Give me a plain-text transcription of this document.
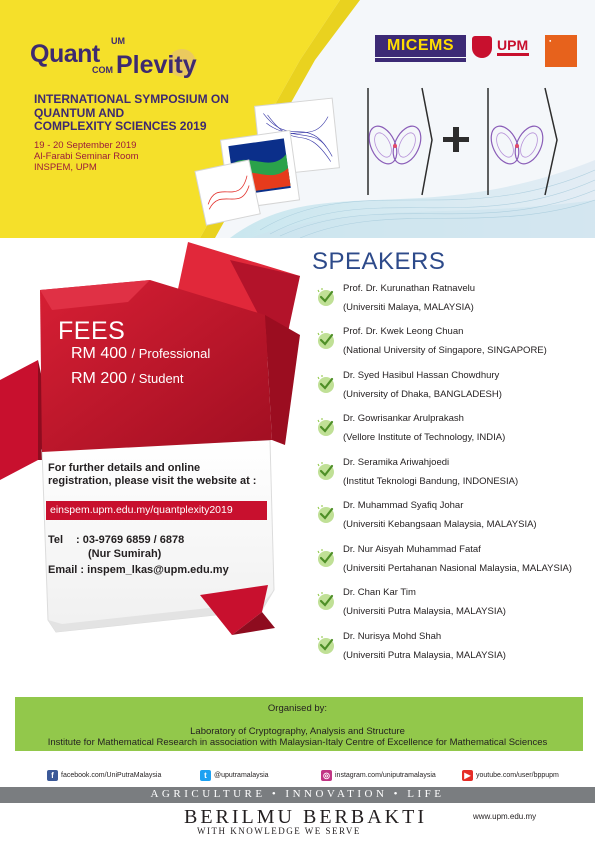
Quant UM
COM Plevity
INTERNATIONAL SYMPOSIUM ON
QUANTUM AND
COMPLEXITY SCIENCES 2019
19 - 20 September 2019
Al-Farabi Seminar Room
INSPEM, UPM
MICEMS	UPM	●
FEES
RM 400 / Professional
RM 200 / Student
For further details and online
registration, please visit the website at :
einspem.upm.edu.my/quantplexity2019
Tel : 03-9769 6859 / 6878
(Nur Sumirah)
Email : inspem_lkas@upm.edu.my
SPEAKERS
Prof. Dr. Kurunathan Ratnavelu
(Universiti Malaya, MALAYSIA)
Prof. Dr. Kwek Leong Chuan
(National University of Singapore, SINGAPORE)
Dr. Syed Hasibul Hassan Chowdhury
(University of Dhaka, BANGLADESH)
Dr. Gowrisankar Arulprakash
(Vellore Institute of Technology, INDIA)
Dr. Seramika Ariwahjoedi
(Institut Teknologi Bandung, INDONESIA)
Dr. Muhammad Syafiq Johar
(Universiti Kebangsaan Malaysia, MALAYSIA)
Dr. Nur Aisyah Muhammad Fataf
(Universiti Pertahanan Nasional Malaysia, MALAYSIA)
Dr. Chan Kar Tim
(Universiti Putra Malaysia, MALAYSIA)
Dr. Nurisya Mohd Shah
(Universiti Putra Malaysia, MALAYSIA)
Organised by:
Laboratory of Cryptography, Analysis and Structure
Institute for Mathematical Research in association with Malaysian-Italy Centre of Excellence for Mathematical Sciences
f facebook.com/UniPutraMalaysia	t @uputramalaysia	◎ instagram.com/uniputramalaysia	▶ youtube.com/user/bppupm
AGRICULTURE • INNOVATION • LIFE
BERILMU BERBAKTI
WITH KNOWLEDGE WE SERVE
www.upm.edu.my
